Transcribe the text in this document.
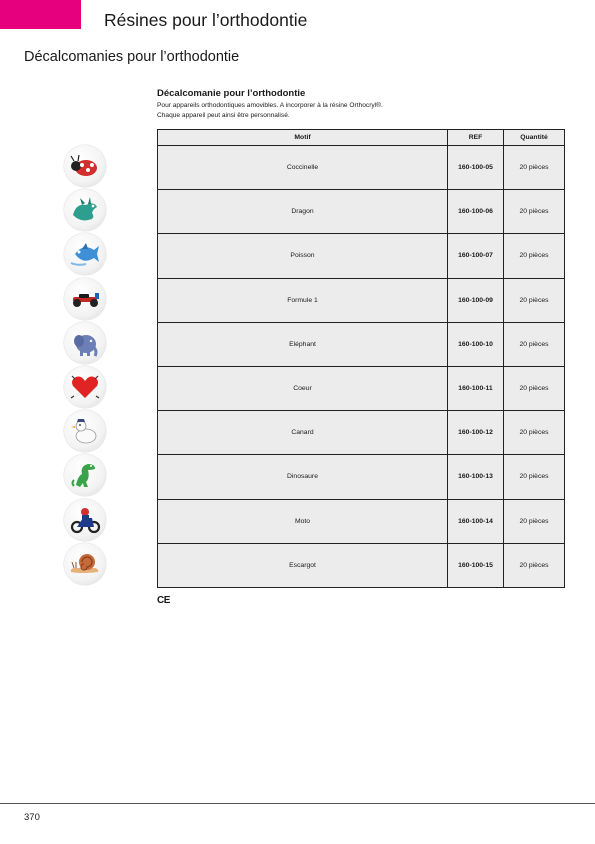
Résines pour l’orthodontie
Décalcomanies pour l’orthodontie
Décalcomanie pour l’orthodontie
Pour appareils orthodontiques amovibles. A incorporer à la résine Orthocryl®.
Chaque appareil peut ainsi être personnalisé.
Motif	REF	Quantité
Coccinelle	160-100-05	20 pièces
Dragon	160-100-06	20 pièces
Poisson	160-100-07	20 pièces
Formule 1	160-100-09	20 pièces
Eléphant	160-100-10	20 pièces
Coeur	160-100-11	20 pièces
Canard	160-100-12	20 pièces
Dinosaure	160-100-13	20 pièces
Moto	160-100-14	20 pièces
Escargot	160-100-15	20 pièces
CE
370
